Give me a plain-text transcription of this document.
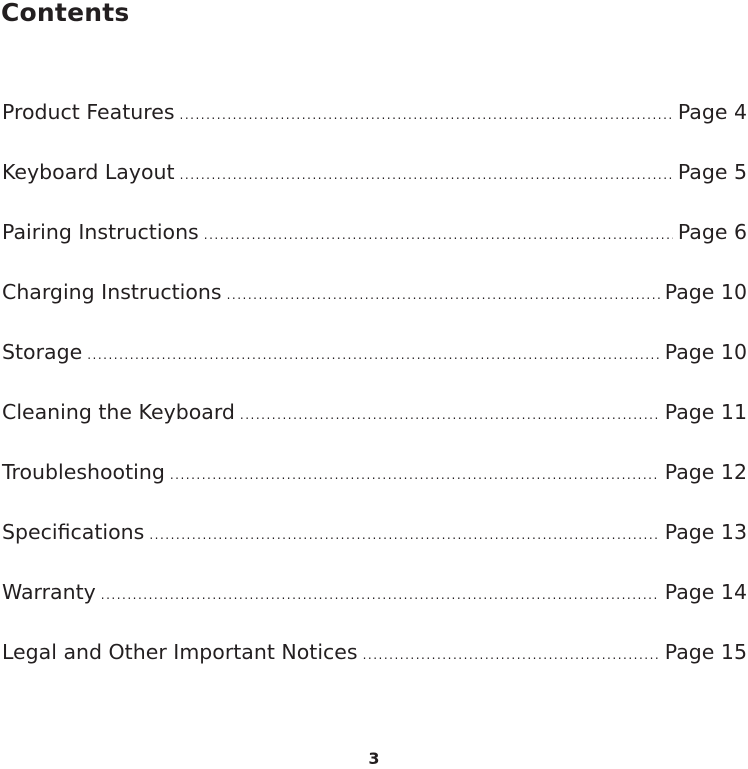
Contents
Product Features .....	Page 4
Keyboard Layout .....	Page 5
Pairing Instructions .....	Page 6
Charging Instructions .....	Page 10
Storage .....	Page 10
Cleaning the Keyboard .....	Page 11
Troubleshooting .....	Page 12
Specifications .....	Page 13
Warranty .....	Page 14
Legal and Other Important Notices .....	Page 15
3
